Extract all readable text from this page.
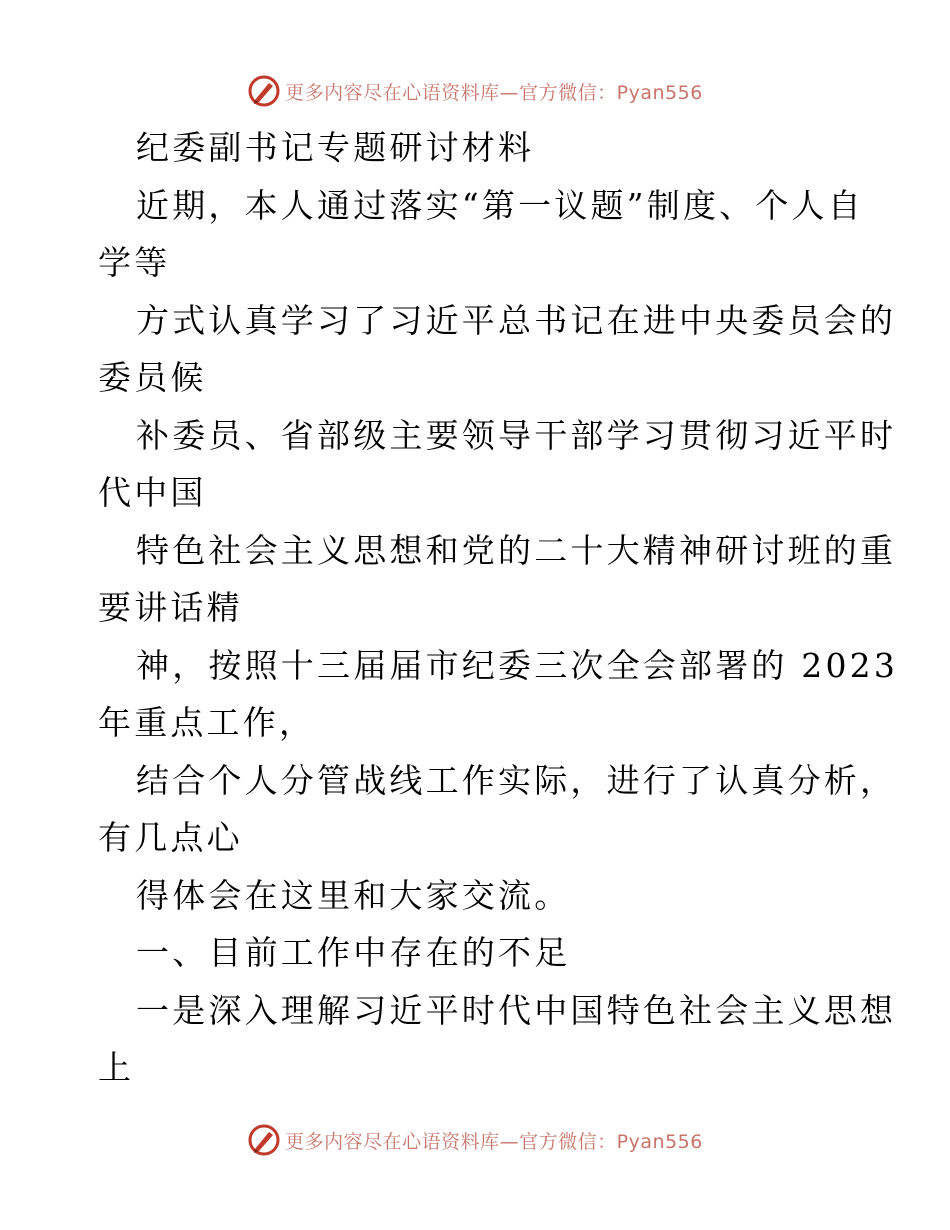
更多内容尽在心语资料库—官方微信：Pyan556
纪委副书记专题研讨材料
近期，本人通过落实“第一议题”制度、个人自
学等
方式认真学习了习近平总书记在进中央委员会的
委员候
补委员、省部级主要领导干部学习贯彻习近平时
代中国
特色社会主义思想和党的二十大精神研讨班的重
要讲话精
神，按照十三届届市纪委三次全会部署的 2023
年重点工作，
结合个人分管战线工作实际，进行了认真分析，
有几点心
得体会在这里和大家交流。
一、目前工作中存在的不足
一是深入理解习近平时代中国特色社会主义思想
上
更多内容尽在心语资料库—官方微信：Pyan556
